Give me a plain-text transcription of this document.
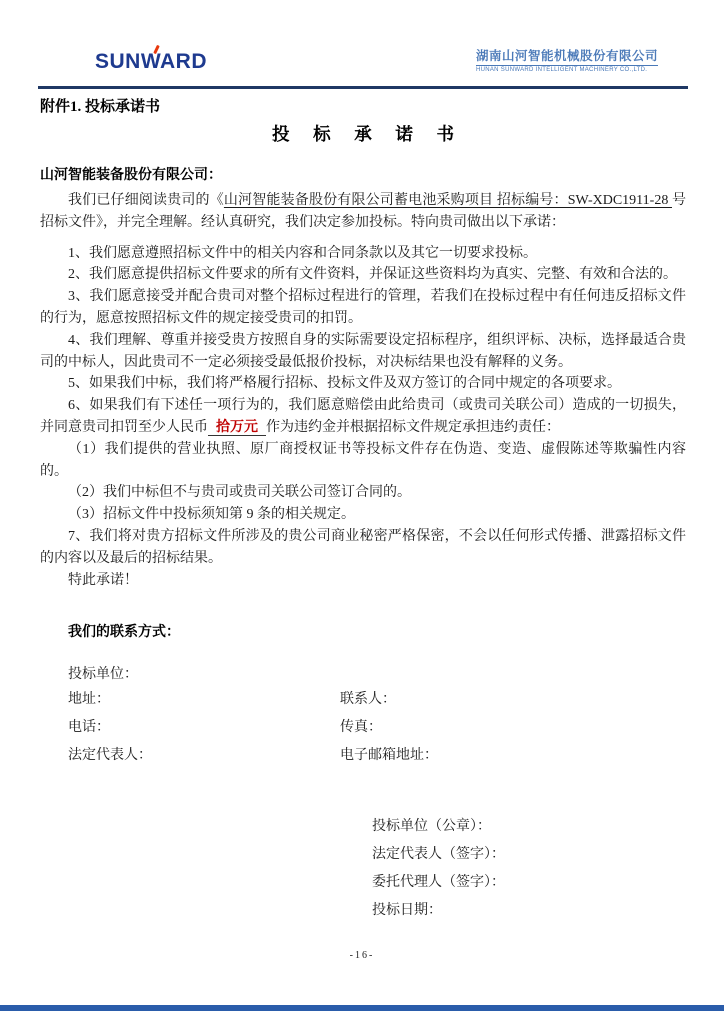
SUNWARD	湖南山河智能机械股份有限公司
HUNAN SUNWARD INTELLIGENT MACHINERY CO.,LTD.
附件1. 投标承诺书
投 标 承 诺 书

山河智能装备股份有限公司：

我们已仔细阅读贵司的《山河智能装备股份有限公司蓄电池采购项目 招标编号：SW-XDC1911-28 号招标文件》，并完全理解。经认真研究，我们决定参加投标。特向贵司做出以下承诺：

1、我们愿意遵照招标文件中的相关内容和合同条款以及其它一切要求投标。

2、我们愿意提供招标文件要求的所有文件资料，并保证这些资料均为真实、完整、有效和合法的。

3、我们愿意接受并配合贵司对整个招标过程进行的管理，若我们在投标过程中有任何违反招标文件的行为，愿意按照招标文件的规定接受贵司的扣罚。

4、我们理解、尊重并接受贵方按照自身的实际需要设定招标程序，组织评标、决标，选择最适合贵司的中标人，因此贵司不一定必须接受最低报价投标，对决标结果也没有解释的义务。

5、如果我们中标，我们将严格履行招标、投标文件及双方签订的合同中规定的各项要求。

6、如果我们有下述任一项行为的，我们愿意赔偿由此给贵司（或贵司关联公司）造成的一切损失，并同意贵司扣罚至少人民币 拾万元 作为违约金并根据招标文件规定承担违约责任：

（1）我们提供的营业执照、原厂商授权证书等投标文件存在伪造、变造、虚假陈述等欺骗性内容的。

（2）我们中标但不与贵司或贵司关联公司签订合同的。

（3）招标文件中投标须知第 9 条的相关规定。

7、我们将对贵方招标文件所涉及的贵公司商业秘密严格保密，不会以任何形式传播、泄露招标文件的内容以及最后的招标结果。

特此承诺！

我们的联系方式：

投标单位：

地址：	联系人：
电话：	传真：
法定代表人：	电子邮箱地址：
投标单位（公章）：
法定代表人（签字）：
委托代理人（签字）：
投标日期：
-16-
